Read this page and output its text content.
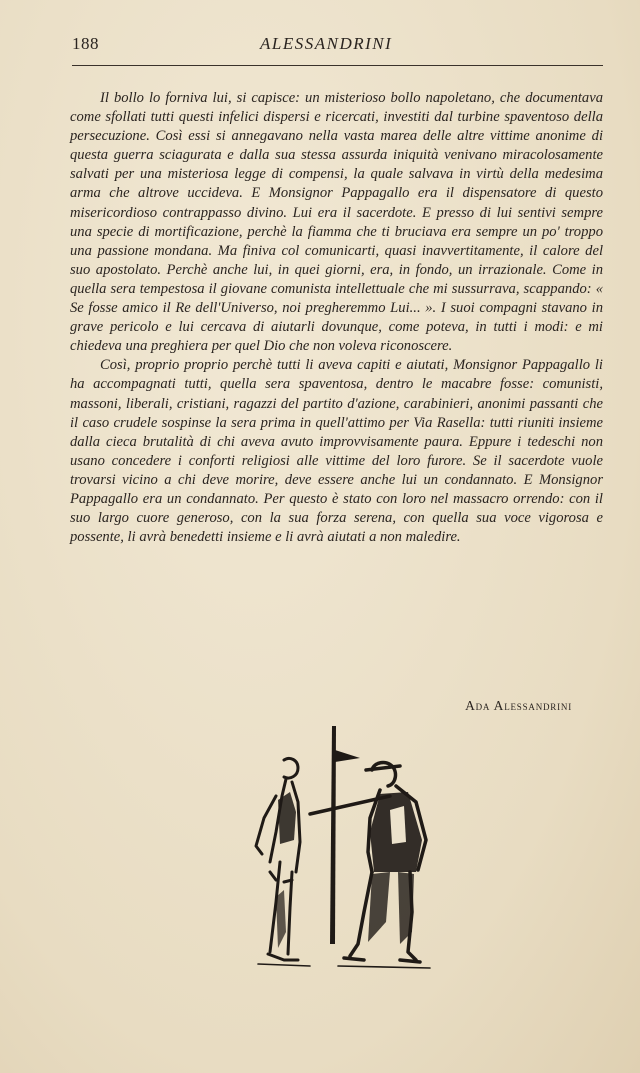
188	ALESSANDRINI

Il bollo lo forniva lui, si capisce: un misterioso bollo napoletano, che documentava come sfollati tutti questi infelici dispersi e ricercati, investiti dal turbine spaventoso della persecuzione. Così essi si annegavano nella vasta marea delle altre vittime anonime di questa guerra sciagurata e dalla sua stessa assurda iniquità venivano miracolosamente salvati per una misteriosa legge di compensi, la quale salvava in virtù della medesima arma che altrove uccideva. E Monsignor Pappagallo era il dispensatore di questo misericordioso contrappasso divino. Lui era il sacerdote. E presso di lui sentivi sempre una specie di mortificazione, perchè la fiamma che ti bruciava era sempre un po' troppo una passione mondana. Ma finiva col comunicarti, quasi inavvertitamente, il calore del suo apostolato. Perchè anche lui, in quei giorni, era, in fondo, un irrazionale. Come in quella sera tempestosa il giovane comunista intellettuale che mi sussurrava, scappando: « Se fosse amico il Re dell'Universo, noi pregheremmo Lui... ». I suoi compagni stavano in grave pericolo e lui cercava di aiutarli dovunque, come poteva, in tutti i modi: e mi chiedeva una preghiera per quel Dio che non voleva riconoscere.

Così, proprio proprio perchè tutti li aveva capiti e aiutati, Monsignor Pappagallo li ha accompagnati tutti, quella sera spaventosa, dentro le macabre fosse: comunisti, massoni, liberali, cristiani, ragazzi del partito d'azione, carabinieri, anonimi passanti che il caso crudele sospinse la sera prima in quell'attimo per Via Rasella: tutti riuniti insieme dalla cieca brutalità di chi aveva avuto improvvisamente paura. Eppure i tedeschi non usano concedere i conforti religiosi alle vittime del loro furore. Se il sacerdote vuole trovarsi vicino a chi deve morire, deve essere anche lui un condannato. E Monsignor Pappagallo era un condannato. Per questo è stato con loro nel massacro orrendo: con il suo largo cuore generoso, con la sua forza serena, con quella sua voce vigorosa e possente, li avrà benedetti insieme e li avrà aiutati a non maledire.

Ada Alessandrini
